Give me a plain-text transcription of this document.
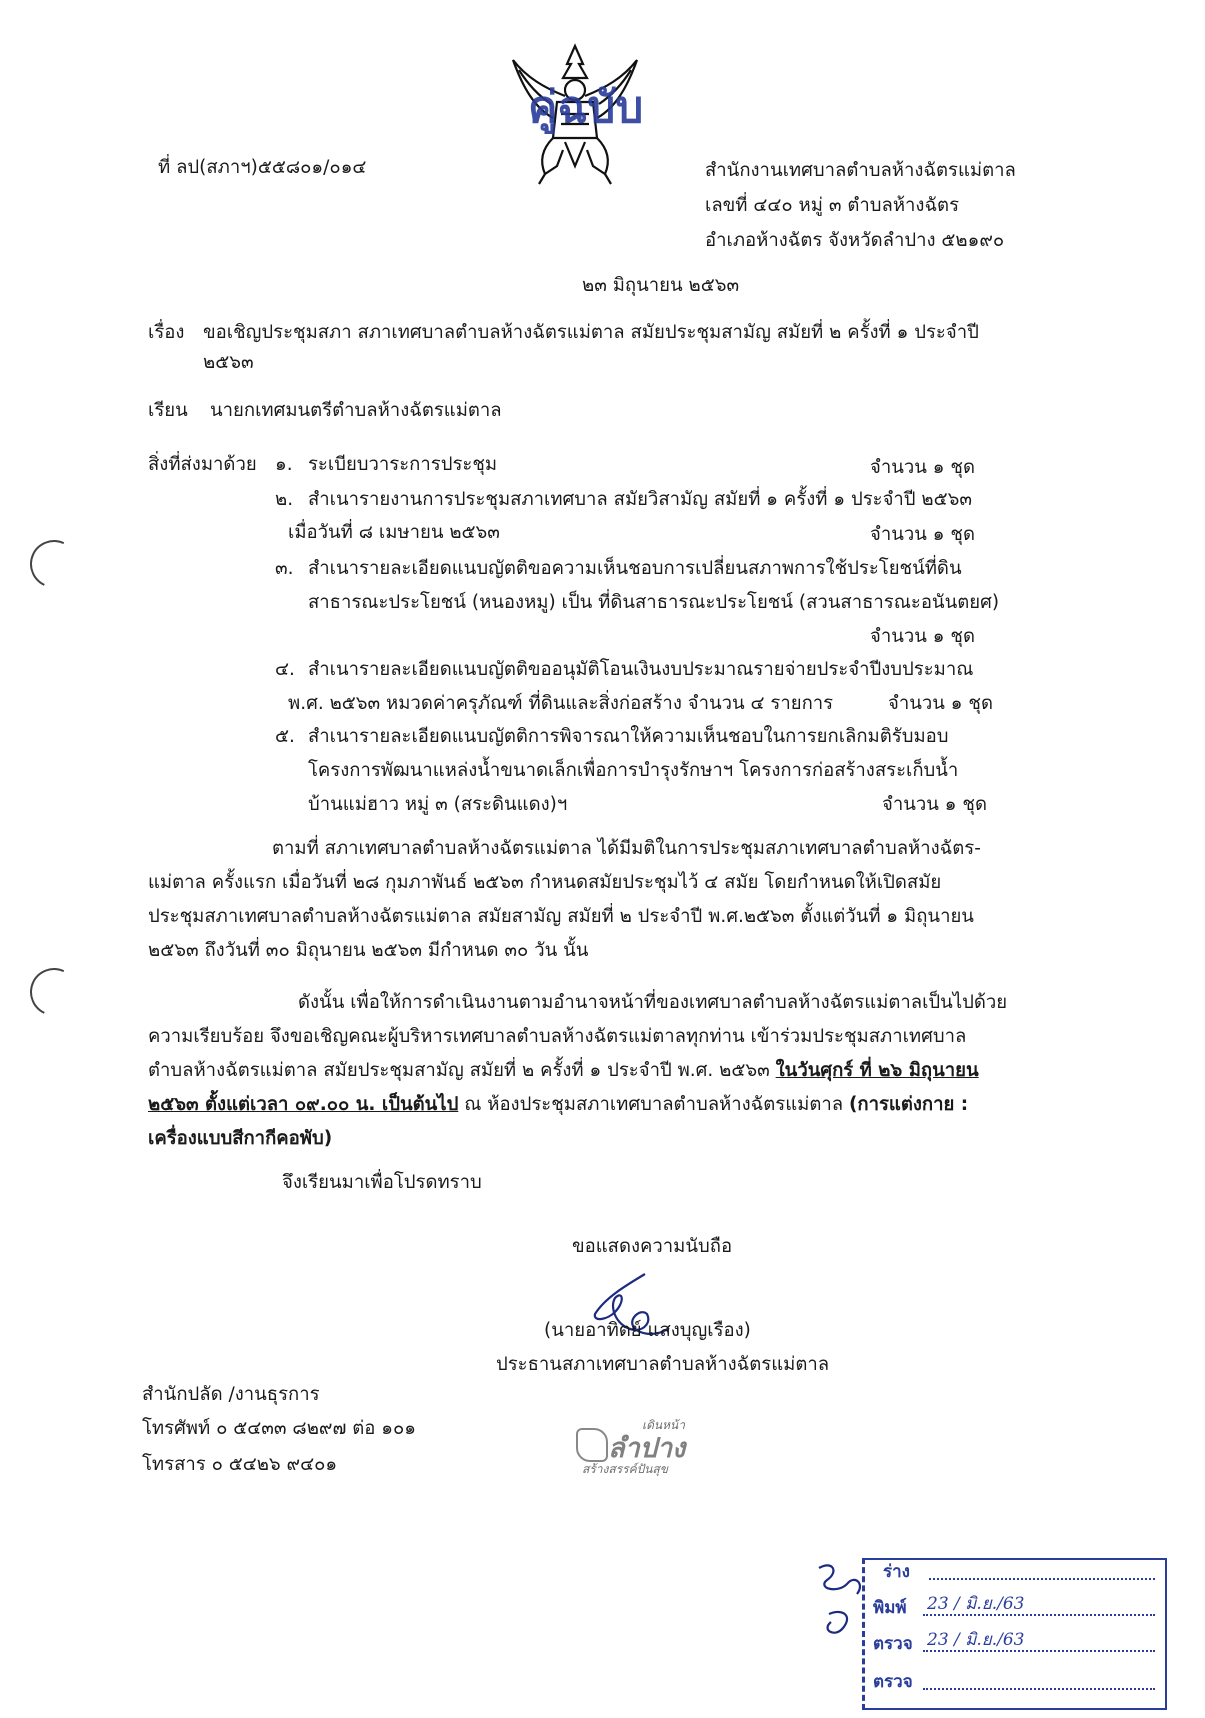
คู่ฉบับ
ที่ ลป(สภาฯ)๕๕๘๐๑/๐๑๔	สำนักงานเทศบาลตำบลห้างฉัตรแม่ตาล
เลขที่ ๔๔๐ หมู่ ๓ ตำบลห้างฉัตร
อำเภอห้างฉัตร จังหวัดลำปาง ๕๒๑๙๐
๒๓ มิถุนายน ๒๕๖๓
เรื่อง ขอเชิญประชุมสภา สภาเทศบาลตำบลห้างฉัตรแม่ตาล สมัยประชุมสามัญ สมัยที่ ๒ ครั้งที่ ๑ ประจำปี
๒๕๖๓
เรียน นายกเทศมนตรีตำบลห้างฉัตรแม่ตาล
สิ่งที่ส่งมาด้วย ๑. ระเบียบวาระการประชุม	จำนวน ๑ ชุด
๒. สำเนารายงานการประชุมสภาเทศบาล สมัยวิสามัญ สมัยที่ ๑ ครั้งที่ ๑ ประจำปี ๒๕๖๓
เมื่อวันที่ ๘ เมษายน ๒๕๖๓	จำนวน ๑ ชุด
๓. สำเนารายละเอียดแนบญัตติขอความเห็นชอบการเปลี่ยนสภาพการใช้ประโยชน์ที่ดิน
สาธารณะประโยชน์ (หนองหมู) เป็น ที่ดินสาธารณะประโยชน์ (สวนสาธารณะอนันตยศ)
จำนวน ๑ ชุด
๔. สำเนารายละเอียดแนบญัตติขออนุมัติโอนเงินงบประมาณรายจ่ายประจำปีงบประมาณ
พ.ศ. ๒๕๖๓ หมวดค่าครุภัณฑ์ ที่ดินและสิ่งก่อสร้าง จำนวน ๔ รายการ	จำนวน ๑ ชุด
๕. สำเนารายละเอียดแนบญัตติการพิจารณาให้ความเห็นชอบในการยกเลิกมติรับมอบ
โครงการพัฒนาแหล่งน้ำขนาดเล็กเพื่อการบำรุงรักษาฯ โครงการก่อสร้างสระเก็บน้ำ
บ้านแม่ฮาว หมู่ ๓ (สระดินแดง)ฯ	จำนวน ๑ ชุด
ตามที่ สภาเทศบาลตำบลห้างฉัตรแม่ตาล ได้มีมติในการประชุมสภาเทศบาลตำบลห้างฉัตร-
แม่ตาล ครั้งแรก เมื่อวันที่ ๒๘ กุมภาพันธ์ ๒๕๖๓ กำหนดสมัยประชุมไว้ ๔ สมัย โดยกำหนดให้เปิดสมัย
ประชุมสภาเทศบาลตำบลห้างฉัตรแม่ตาล สมัยสามัญ สมัยที่ ๒ ประจำปี พ.ศ.๒๕๖๓ ตั้งแต่วันที่ ๑ มิถุนายน
๒๕๖๓ ถึงวันที่ ๓๐ มิถุนายน ๒๕๖๓ มีกำหนด ๓๐ วัน นั้น
ดังนั้น เพื่อให้การดำเนินงานตามอำนาจหน้าที่ของเทศบาลตำบลห้างฉัตรแม่ตาลเป็นไปด้วย
ความเรียบร้อย จึงขอเชิญคณะผู้บริหารเทศบาลตำบลห้างฉัตรแม่ตาลทุกท่าน เข้าร่วมประชุมสภาเทศบาล
ตำบลห้างฉัตรแม่ตาล สมัยประชุมสามัญ สมัยที่ ๒ ครั้งที่ ๑ ประจำปี พ.ศ. ๒๕๖๓ ในวันศุกร์ ที่ ๒๖ มิถุนายน
๒๕๖๓ ตั้งแต่เวลา ๐๙.๐๐ น. เป็นต้นไป ณ ห้องประชุมสภาเทศบาลตำบลห้างฉัตรแม่ตาล (การแต่งกาย :
เครื่องแบบสีกากีคอพับ)
จึงเรียนมาเพื่อโปรดทราบ
ขอแสดงความนับถือ
(นายอาทิตย์ แสงบุญเรือง)
ประธานสภาเทศบาลตำบลห้างฉัตรแม่ตาล
สำนักปลัด /งานธุรการ
โทรศัพท์ ๐ ๕๔๓๓ ๘๒๙๗ ต่อ ๑๐๑
โทรสาร ๐ ๕๔๒๖ ๙๔๐๑
เดินหน้า
ลำปาง
สร้างสรรค์ปันสุข
ร่าง
พิมพ์ 23 / มิ.ย./63
ตรวจ 23 / มิ.ย./63
ตรวจ
